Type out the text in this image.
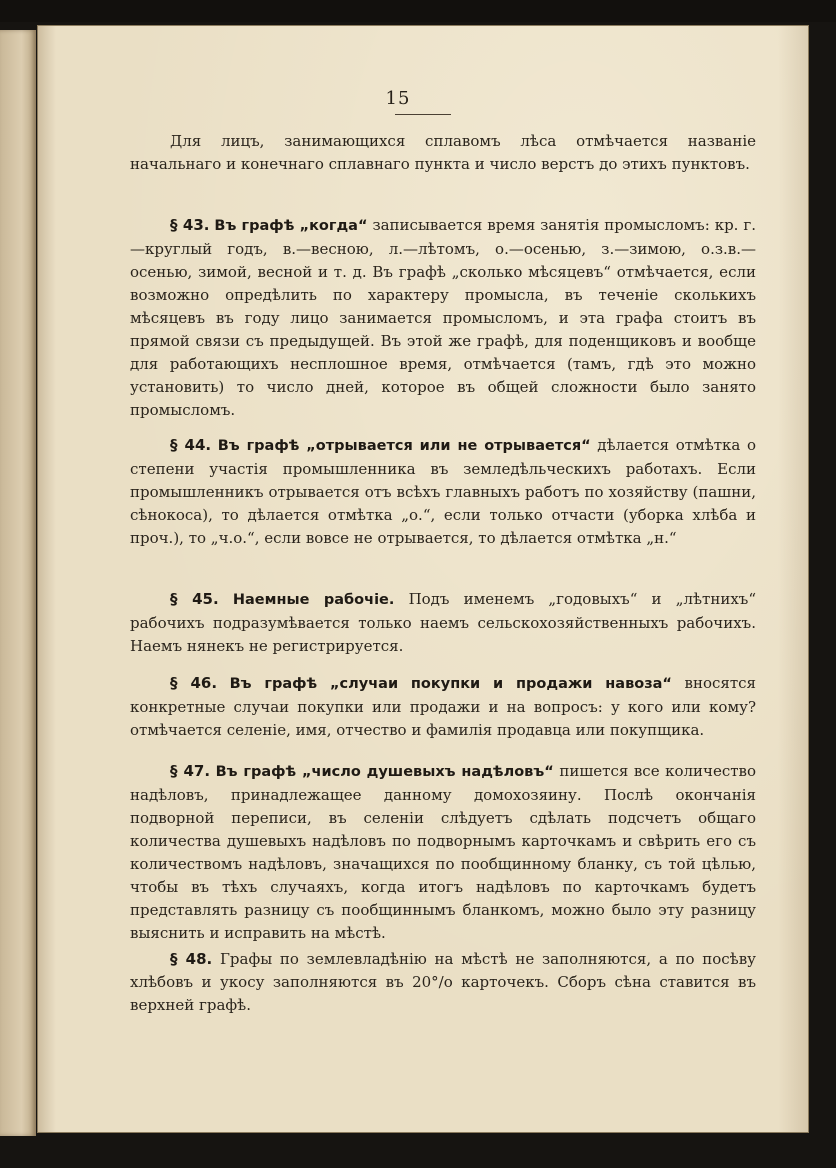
15

Для лицъ, занимающихся сплавомъ лѣса отмѣчается названіе начальнаго и конечнаго сплавнаго пункта и число верстъ до этихъ пунктовъ.

§ 43. Въ графѣ „когда“ записывается время занятія промысломъ: кр. г.—круглый годъ, в.—весною, л.—лѣтомъ, о.—осенью, з.—зимою, о.з.в.—осенью, зимой, весной и т. д. Въ графѣ „сколько мѣсяцевъ“ отмѣчается, если возможно опредѣлить по характеру промысла, въ теченіе сколькихъ мѣсяцевъ въ году лицо занимается промысломъ, и эта графа стоитъ въ прямой связи съ предыдущей. Въ этой же графѣ, для поденщиковъ и вообще для работающихъ несплошное время, отмѣчается (тамъ, гдѣ это можно установить) то число дней, которое въ общей сложности было занято промысломъ.

§ 44. Въ графѣ „отрывается или не отрывается“ дѣлается отмѣтка о степени участія промышленника въ земледѣльческихъ работахъ. Если промышленникъ отрывается отъ всѣхъ главныхъ работъ по хозяйству (пашни, сѣнокоса), то дѣлается отмѣтка „о.“, если только отчасти (уборка хлѣба и проч.), то „ч.о.“, если вовсе не отрывается, то дѣлается отмѣтка „н.“

§ 45. Наемные рабочіе. Подъ именемъ „годовыхъ“ и „лѣтнихъ“ рабочихъ подразумѣвается только наемъ сельскохозяйственныхъ рабочихъ. Наемъ нянекъ не регистрируется.

§ 46. Въ графѣ „случаи покупки и продажи навоза“ вносятся конкретные случаи покупки или продажи и на вопросъ: у кого или кому? отмѣчается селеніе, имя, отчество и фамилія продавца или покупщика.

§ 47. Въ графѣ „число душевыхъ надѣловъ“ пишется все количество надѣловъ, принадлежащее данному домохозяину. Послѣ окончанія подворной переписи, въ селеніи слѣдуетъ сдѣлать подсчетъ общаго количества душевыхъ надѣловъ по подворнымъ карточкамъ и свѣрить его съ количествомъ надѣловъ, значащихся по пообщинному бланку, съ той цѣлью, чтобы въ тѣхъ случаяхъ, когда итогъ надѣловъ по карточкамъ будетъ представлять разницу съ пообщиннымъ бланкомъ, можно было эту разницу выяснить и исправить на мѣстѣ.

§ 48. Графы по землевладѣнію на мѣстѣ не заполняются, а по посѣву хлѣбовъ и укосу заполняются въ 20°/о карточекъ. Сборъ сѣна ставится въ верхней графѣ.
